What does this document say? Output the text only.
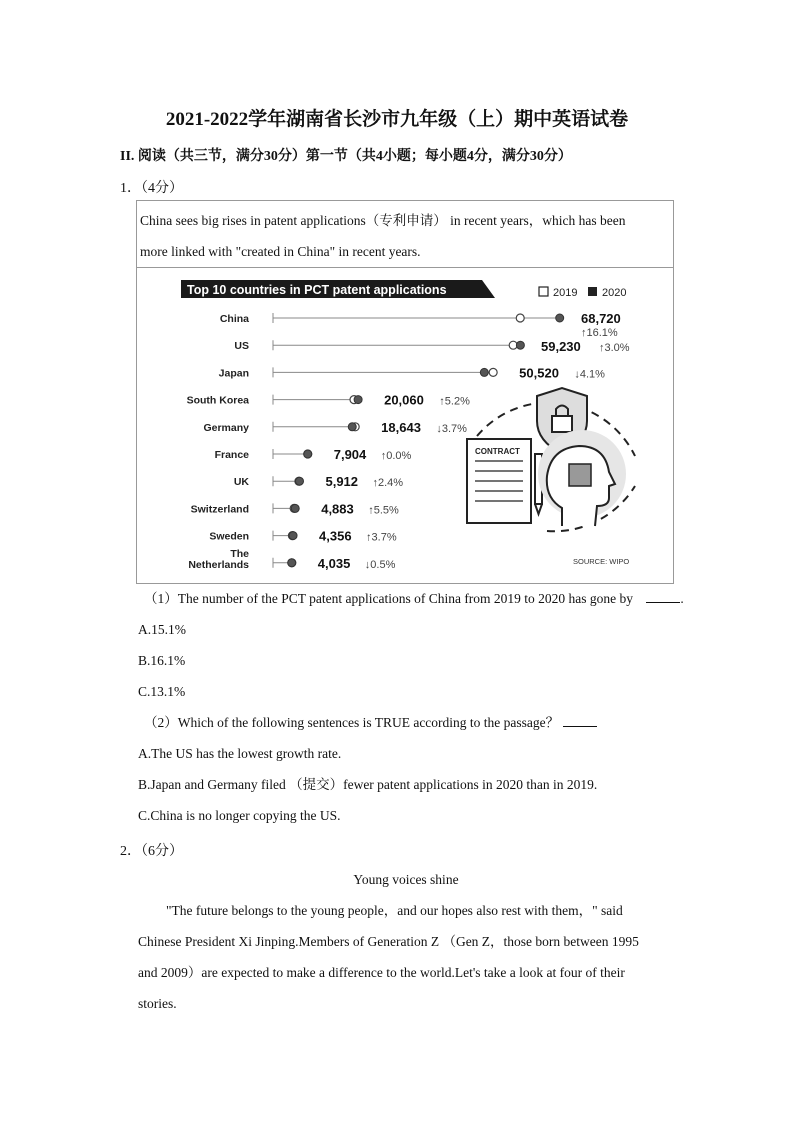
2021-2022学年湖南省长沙市九年级（上）期中英语试卷
II. 阅读（共三节，满分30分）第一节（共4小题；每小题4分，满分30分）
1．（4分）
China sees big rises in patent applications（专利申请） in recent years，which has been
more linked with "created in China" in recent years.
Top 10 countries in PCT patent applications	2019 2020
China	68,720
↑16.1%
US	59,230 ↑3.0%
Japan	50,520 ↓4.1%
South Korea	20,060 ↑5.2%
Germany	18,643 ↓3.7%
France	7,904 ↑0.0%
UK	5,912 ↑2.4%
Switzerland	4,883 ↑5.5%
Sweden	4,356 ↑3.7%
The
Netherlands	4,035 ↓0.5%
CONTRACT
SOURCE: WIPO
（1）The number of the PCT patent applications of China from 2019 to 2020 has gone by	.
A.15.1%
B.16.1%
C.13.1%
（2）Which of the following sentences is TRUE according to the passage？
A.The US has the lowest growth rate.
B.Japan and Germany filed （提交）fewer patent applications in 2020 than in 2019.
C.China is no longer copying the US.
2．（6分）
Young voices shine
"The future belongs to the young people，and our hopes also rest with them，" said
Chinese President Xi Jinping.Members of Generation Z （Gen Z，those born between 1995
and 2009）are expected to make a difference to the world.Let's take a look at four of their
stories.
